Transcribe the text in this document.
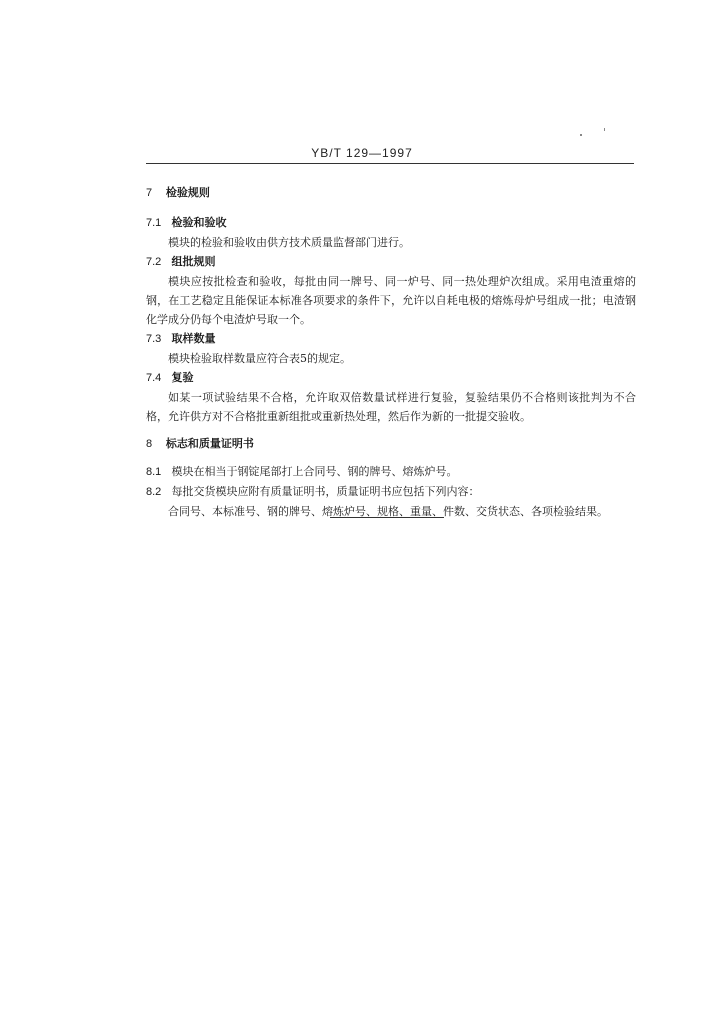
YB/T 129—1997

7 检验规则

7.1 检验和验收

模块的检验和验收由供方技术质量监督部门进行。

7.2 组批规则

模块应按批检查和验收，每批由同一牌号、同一炉号、同一热处理炉次组成。采用电渣重熔的钢，在工艺稳定且能保证本标准各项要求的条件下，允许以自耗电极的熔炼母炉号组成一批；电渣钢化学成分仍每个电渣炉号取一个。

7.3 取样数量

模块检验取样数量应符合表5的规定。

7.4 复验

如某一项试验结果不合格，允许取双倍数量试样进行复验，复验结果仍不合格则该批判为不合格，允许供方对不合格批重新组批或重新热处理，然后作为新的一批提交验收。

8 标志和质量证明书

8.1 模块在相当于钢锭尾部打上合同号、钢的牌号、熔炼炉号。

8.2 每批交货模块应附有质量证明书，质量证明书应包括下列内容：

合同号、本标准号、钢的牌号、熔炼炉号、规格、重量、件数、交货状态、各项检验结果。
